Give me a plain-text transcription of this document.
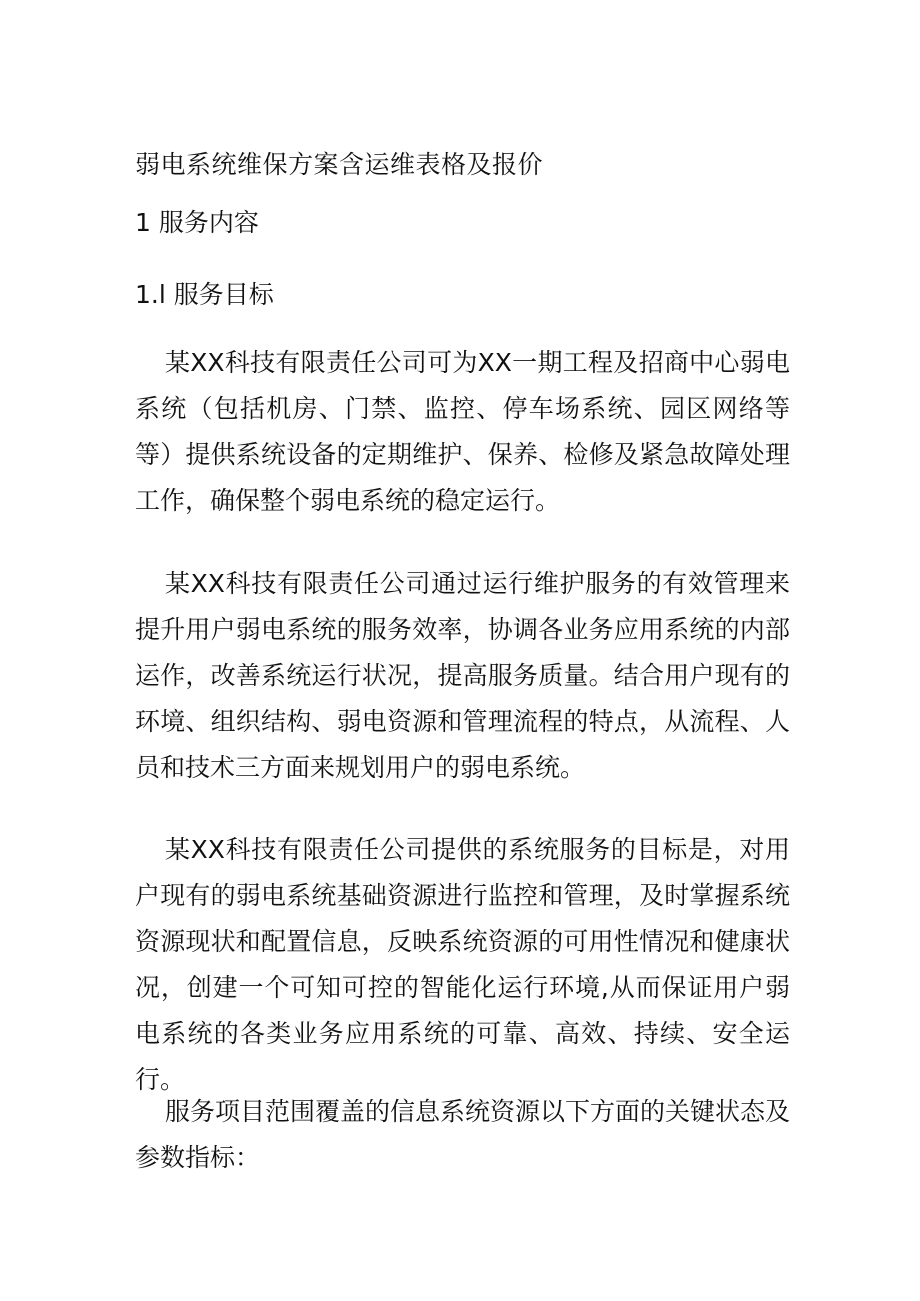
弱电系统维保方案含运维表格及报价
1 服务内容
1.l 服务目标

某XX科技有限责任公司可为XX一期工程及招商中心弱电系统（包括机房、门禁、监控、停车场系统、园区网络等等）提供系统设备的定期维护、保养、检修及紧急故障处理工作，确保整个弱电系统的稳定运行。

某XX科技有限责任公司通过运行维护服务的有效管理来提升用户弱电系统的服务效率，协调各业务应用系统的内部运作，改善系统运行状况，提高服务质量。结合用户现有的环境、组织结构、弱电资源和管理流程的特点，从流程、人员和技术三方面来规划用户的弱电系统。

某XX科技有限责任公司提供的系统服务的目标是，对用户现有的弱电系统基础资源进行监控和管理，及时掌握系统资源现状和配置信息，反映系统资源的可用性情况和健康状况，创建一个可知可控的智能化运行环境,从而保证用户弱电系统的各类业务应用系统的可靠、高效、持续、安全运行。

服务项目范围覆盖的信息系统资源以下方面的关键状态及参数指标：
